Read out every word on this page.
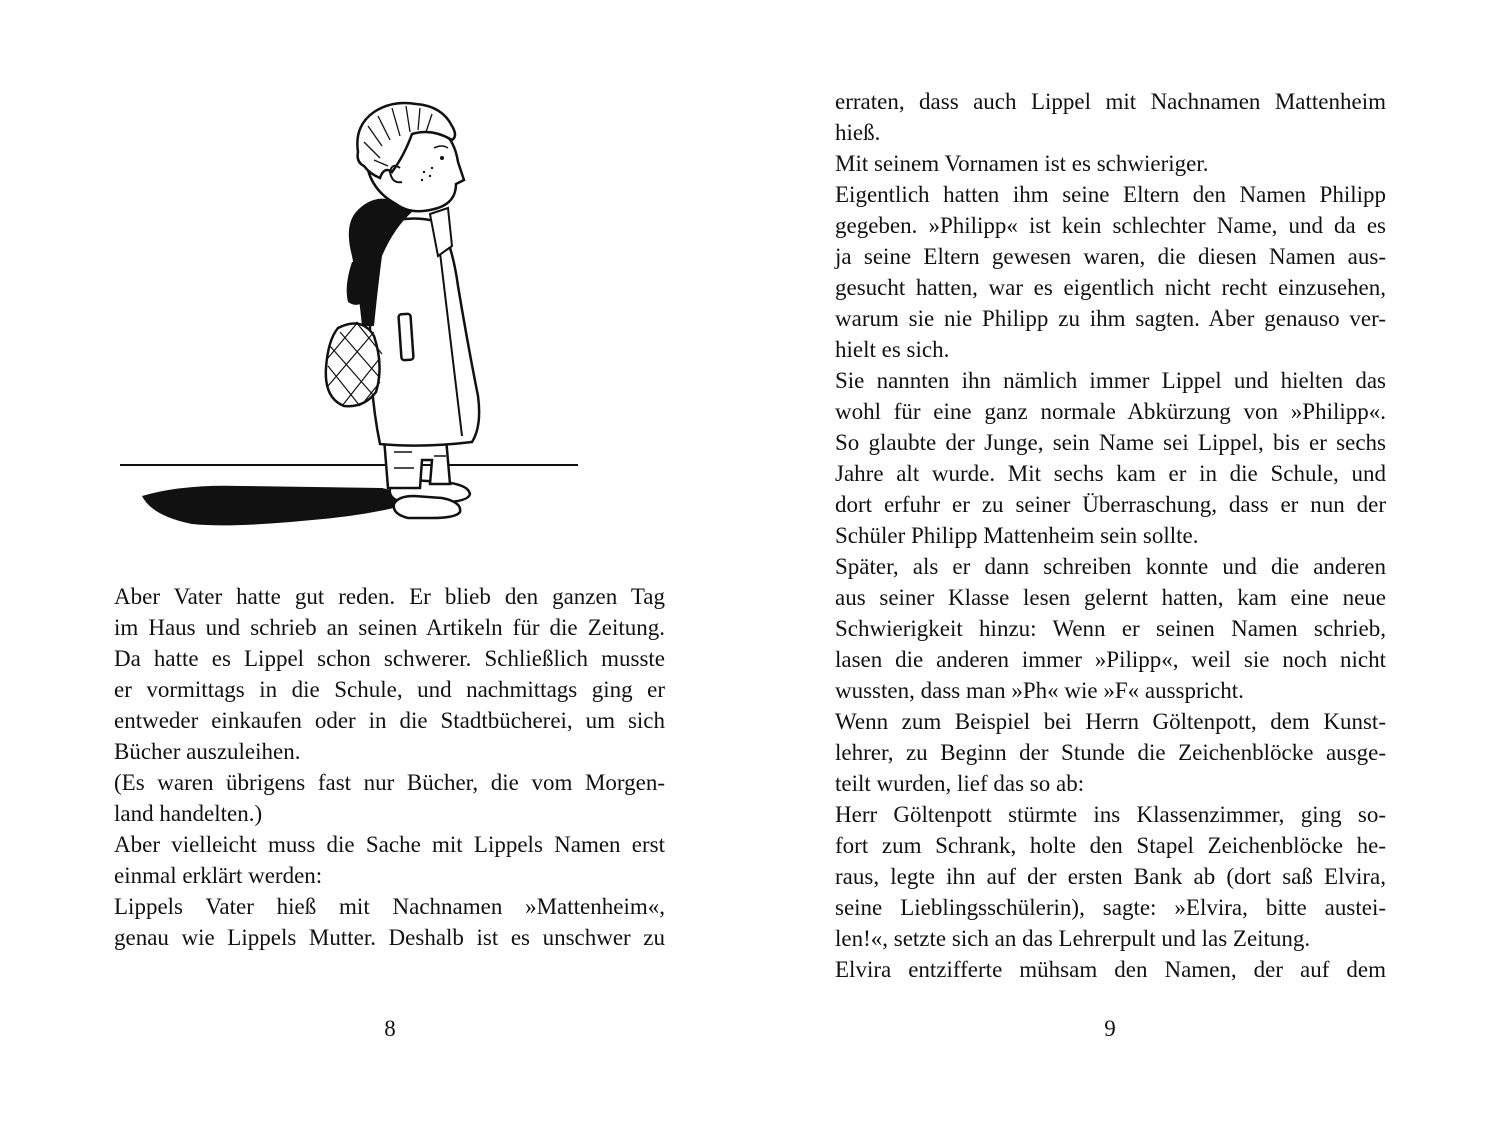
Aber Vater hatte gut reden. Er blieb den ganzen Tag
im Haus und schrieb an seinen Artikeln für die Zeitung.
Da hatte es Lippel schon schwerer. Schließlich musste
er vormittags in die Schule, und nachmittags ging er
entweder einkaufen oder in die Stadtbücherei, um sich
Bücher auszuleihen.
(Es waren übrigens fast nur Bücher, die vom Morgen-
land handelten.)
Aber vielleicht muss die Sache mit Lippels Namen erst
einmal erklärt werden:
Lippels Vater hieß mit Nachnamen »Mattenheim«,
genau wie Lippels Mutter. Deshalb ist es unschwer zu
8
erraten, dass auch Lippel mit Nachnamen Mattenheim
hieß.
Mit seinem Vornamen ist es schwieriger.
Eigentlich hatten ihm seine Eltern den Namen Philipp
gegeben. »Philipp« ist kein schlechter Name, und da es
ja seine Eltern gewesen waren, die diesen Namen aus-
gesucht hatten, war es eigentlich nicht recht einzusehen,
warum sie nie Philipp zu ihm sagten. Aber genauso ver-
hielt es sich.
Sie nannten ihn nämlich immer Lippel und hielten das
wohl für eine ganz normale Abkürzung von »Philipp«.
So glaubte der Junge, sein Name sei Lippel, bis er sechs
Jahre alt wurde. Mit sechs kam er in die Schule, und
dort erfuhr er zu seiner Überraschung, dass er nun der
Schüler Philipp Mattenheim sein sollte.
Später, als er dann schreiben konnte und die anderen
aus seiner Klasse lesen gelernt hatten, kam eine neue
Schwierigkeit hinzu: Wenn er seinen Namen schrieb,
lasen die anderen immer »Pilipp«, weil sie noch nicht
wussten, dass man »Ph« wie »F« ausspricht.
Wenn zum Beispiel bei Herrn Göltenpott, dem Kunst-
lehrer, zu Beginn der Stunde die Zeichenblöcke ausge-
teilt wurden, lief das so ab:
Herr Göltenpott stürmte ins Klassenzimmer, ging so-
fort zum Schrank, holte den Stapel Zeichenblöcke he-
raus, legte ihn auf der ersten Bank ab (dort saß Elvira,
seine Lieblingsschülerin), sagte: »Elvira, bitte austei-
len!«, setzte sich an das Lehrerpult und las Zeitung.
Elvira entzifferte mühsam den Namen, der auf dem
9
